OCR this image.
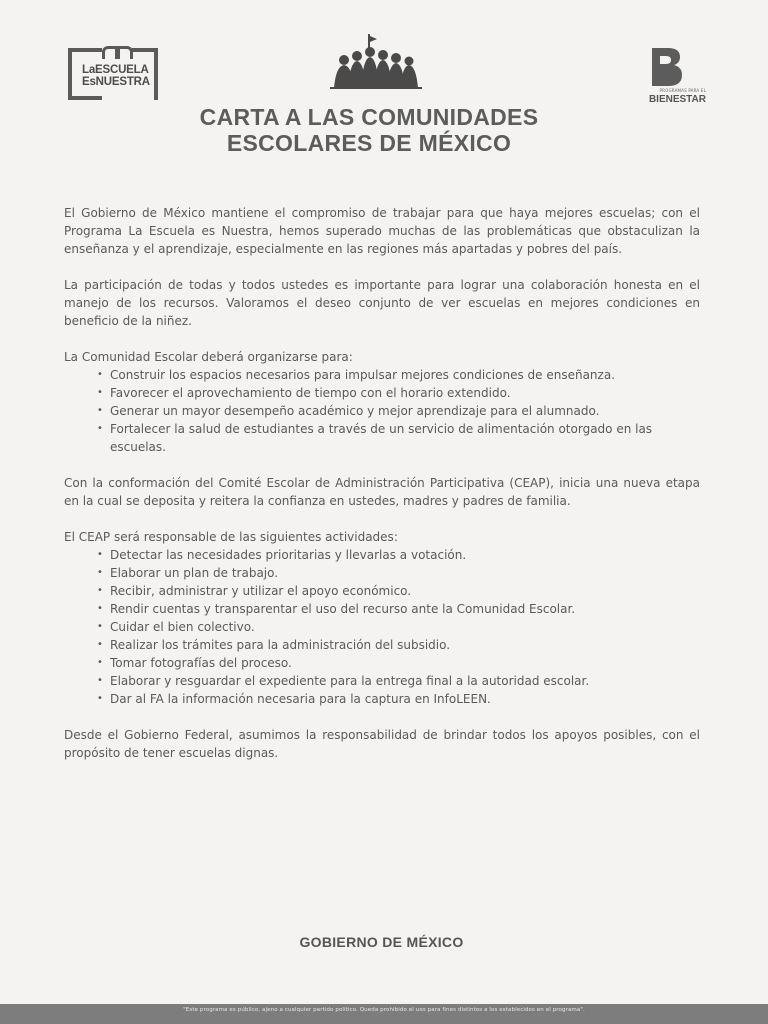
LaESCUELA
EsNUESTRA
PROGRAMAS PARA EL
BIENESTAR
CARTA A LAS COMUNIDADES
ESCOLARES DE MÉXICO

El Gobierno de México mantiene el compromiso de trabajar para que haya mejores escuelas; con el Programa La Escuela es Nuestra, hemos superado muchas de las problemáticas que obstaculizan la enseñanza y el aprendizaje, especialmente en las regiones más apartadas y pobres del país.

La participación de todas y todos ustedes es importante para lograr una colaboración honesta en el manejo de los recursos. Valoramos el deseo conjunto de ver escuelas en mejores condiciones en beneficio de la niñez.

La Comunidad Escolar deberá organizarse para:

• Construir los espacios necesarios para impulsar mejores condiciones de enseñanza.
• Favorecer el aprovechamiento de tiempo con el horario extendido.
• Generar un mayor desempeño académico y mejor aprendizaje para el alumnado.
• Fortalecer la salud de estudiantes a través de un servicio de alimentación otorgado en las escuelas.

Con la conformación del Comité Escolar de Administración Participativa (CEAP), inicia una nueva etapa en la cual se deposita y reitera la confianza en ustedes, madres y padres de familia.

El CEAP será responsable de las siguientes actividades:

• Detectar las necesidades prioritarias y llevarlas a votación.
• Elaborar un plan de trabajo.
• Recibir, administrar y utilizar el apoyo económico.
• Rendir cuentas y transparentar el uso del recurso ante la Comunidad Escolar.
• Cuidar el bien colectivo.
• Realizar los trámites para la administración del subsidio.
• Tomar fotografías del proceso.
• Elaborar y resguardar el expediente para la entrega final a la autoridad escolar.
• Dar al FA la información necesaria para la captura en InfoLEEN.

Desde el Gobierno Federal, asumimos la responsabilidad de brindar todos los apoyos posibles, con el propósito de tener escuelas dignas.

GOBIERNO DE MÉXICO
"Este programa es público, ajeno a cualquier partido político. Queda prohibido el uso para fines distintos a los establecidos en el programa".
